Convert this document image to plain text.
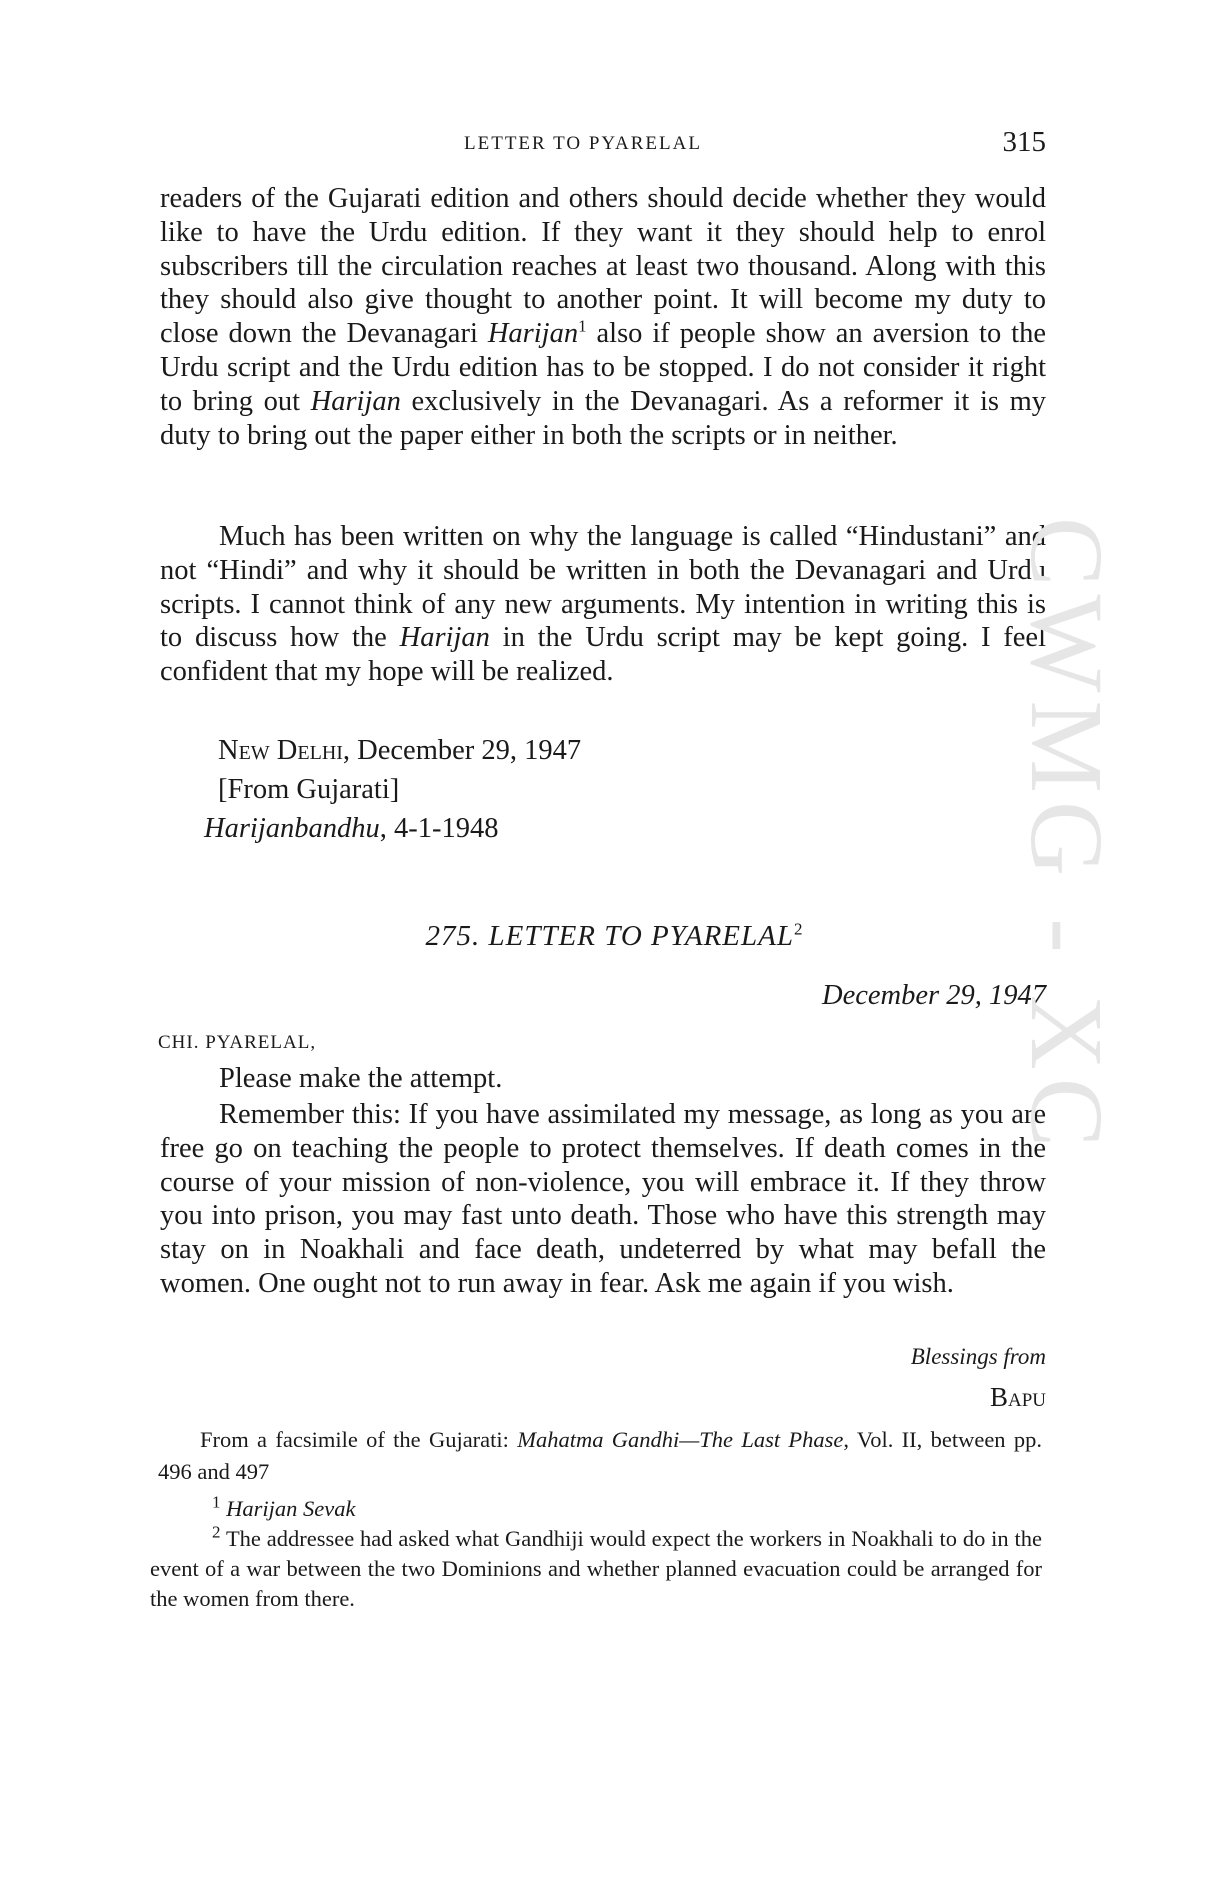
LETTER TO PYARELAL	315

readers of the Gujarati edition and others should decide whether they would like to have the Urdu edition. If they want it they should help to enrol subscribers till the circulation reaches at least two thousand. Along with this they should also give thought to another point. It will become my duty to close down the Devanagari Harijan$^1$ also if people show an aversion to the Urdu script and the Urdu edition has to be stopped. I do not consider it right to bring out Harijan exclusively in the Devanagari. As a reformer it is my duty to bring out the paper either in both the scripts or in neither.

Much has been written on why the language is called “Hindustani” and not “Hindi” and why it should be written in both the Devanagari and Urdu scripts. I cannot think of any new arguments. My intention in writing this is to discuss how the Harijan in the Urdu script may be kept going. I feel confident that my hope will be realized.

New Delhi, December 29, 1947
[From Gujarati]
Harijanbandhu, 4-1-1948
275. LETTER TO PYARELAL$^2$
December 29, 1947
CHI. PYARELAL,

Please make the attempt.

Remember this: If you have assimilated my message, as long as you are free go on teaching the people to protect themselves. If death comes in the course of your mission of non-violence, you will embrace it. If they throw you into prison, you may fast unto death. Those who have this strength may stay on in Noakhali and face death, undeterred by what may befall the women. One ought not to run away in fear. Ask me again if you wish.

Blessings from
Bapu

From a facsimile of the Gujarati: Mahatma Gandhi—The Last Phase, Vol. II, between pp. 496 and 497

$^1$ Harijan Sevak

$^2$ The addressee had asked what Gandhiji would expect the workers in Noakhali to do in the event of a war between the two Dominions and whether planned evacuation could be arranged for the women from there.

CWMG - XC
